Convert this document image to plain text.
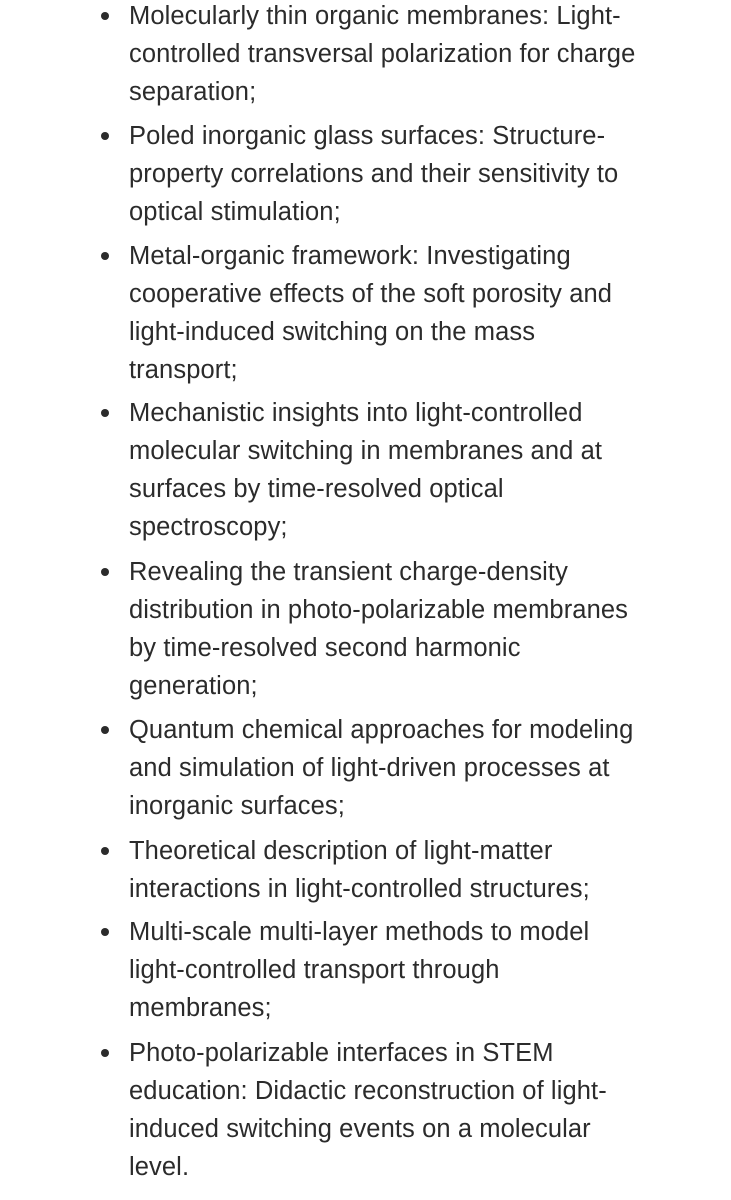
Molecularly thin organic membranes: Light-
controlled transversal polarization for charge
separation;
Poled inorganic glass surfaces: Structure-
property correlations and their sensitivity to
optical stimulation;
Metal-organic framework: Investigating
cooperative effects of the soft porosity and
light-induced switching on the mass
transport;
Mechanistic insights into light-controlled
molecular switching in membranes and at
surfaces by time-resolved optical
spectroscopy;
Revealing the transient charge-density
distribution in photo-polarizable membranes
by time-resolved second harmonic
generation;
Quantum chemical approaches for modeling
and simulation of light-driven processes at
inorganic surfaces;
Theoretical description of light-matter
interactions in light-controlled structures;
Multi-scale multi-layer methods to model
light-controlled transport through
membranes;
Photo-polarizable interfaces in STEM
education: Didactic reconstruction of light-
induced switching events on a molecular
level.
